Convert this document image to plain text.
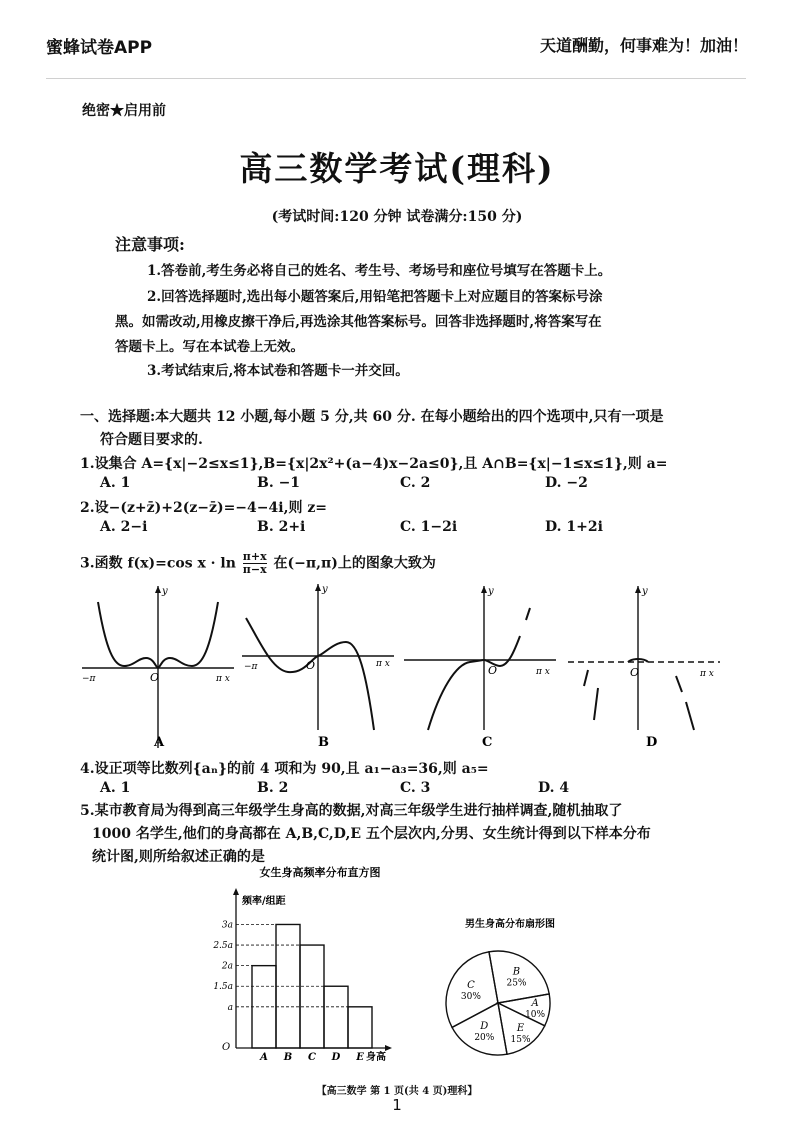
蜜蜂试卷APP	天道酬勤，何事难为！加油！
绝密★启用前
高三数学考试(理科)
(考试时间:120 分钟 试卷满分:150 分)
注意事项:
1.答卷前,考生务必将自己的姓名、考生号、考场号和座位号填写在答题卡上。
2.回答选择题时,选出每小题答案后,用铅笔把答题卡上对应题目的答案标号涂
黑。如需改动,用橡皮擦干净后,再选涂其他答案标号。回答非选择题时,将答案写在
答题卡上。写在本试卷上无效。
3.考试结束后,将本试卷和答题卡一并交回。
一、选择题:本大题共 12 小题,每小题 5 分,共 60 分. 在每小题给出的四个选项中,只有一项是
符合题目要求的.
1.设集合 A={x|−2≤x≤1},B={x|2x²+(a−4)x−2a≤0},且 A∩B={x|−1≤x≤1},则 a=
A. 1	B. −1	C. 2	D. −2
2.设−(z+z̄)+2(z−z̄)=−4−4i,则 z=
A. 2−i	B. 2+i	C. 1−2i	D. 1+2i
3.函数 f(x)=cos $x \cdot \ln \frac{\pi+x}{\pi-x}$ 在(−π,π)上的图象大致为
y
O
−π	π x
A
y
O
−π	π x
B
y
O	π x
C
y
O	π x
D
4.设正项等比数列{aₙ}的前 4 项和为 90,且 a₁−a₃=36,则 a₅=
A. 1	B. 2	C. 3	D. 4
5.某市教育局为得到高三年级学生身高的数据,对高三年级学生进行抽样调查,随机抽取了
1000 名学生,他们的身高都在 A,B,C,D,E 五个层次内,分男、女生统计得到以下样本分布
统计图,则所给叙述正确的是
女生身高频率分布直方图
频率/组距
身高
O
A B C D E
a
1.5a
2a
2.5a
3a	男生身高分布扇形图
B
25%
A
10%
E
15%
D
20%
C
30%
【高三数学 第 1 页(共 4 页)理科】
1
